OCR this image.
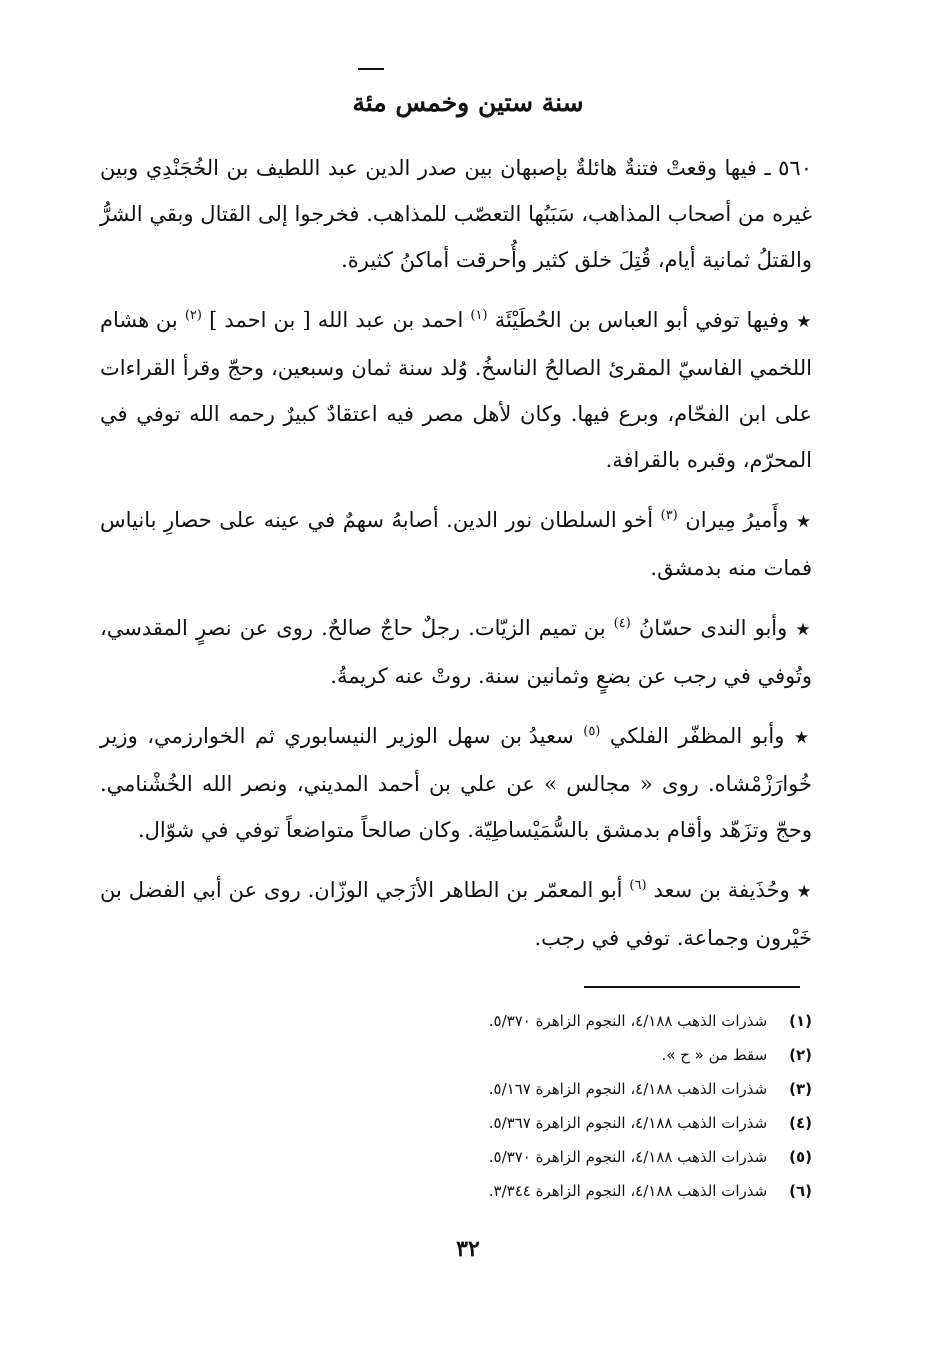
سنة ستين وخمس مئة

٥٦٠ ـ فيها وقعتْ فتنةٌ هائلةٌ بإصبهان بين صدر الدين عبد اللطيف بن الخُجَنْدِي وبين غيره من أصحاب المذاهب، سَبَبُها التعصّب للمذاهب. فخرجوا إلى القتال وبقي الشرُّ والقتلُ ثمانية أيام، قُتِلَ خلق كثير وأُحرقت أماكنُ كثيرة.

★ وفيها توفي أبو العباس بن الحُطَيْئَة $^{(١)}$ احمد بن عبد الله [ بن احمد ] $^{(٢)}$ بن هشام اللخمي الفاسيّ المقرئ الصالحُ الناسخُ. وُلد سنة ثمان وسبعين، وحجّ وقرأ القراءات على ابن الفحّام، وبرع فيها. وكان لأهل مصر فيه اعتقادٌ كبيرٌ رحمه الله توفي في المحرّم، وقبره بالقرافة.

★ وأَميرُ مِيران $^{(٣)}$ أخو السلطان نور الدين. أصابهُ سهمٌ في عينه على حصارِ بانياس فمات منه بدمشق.

★ وأبو الندى حسّانُ $^{(٤)}$ بن تميم الزيّات. رجلٌ حاجٌ صالحٌ. روى عن نصرٍ المقدسي، وتُوفي في رجب عن بضعٍ وثمانين سنة. روتْ عنه كريمةُ.

★ وأبو المظفّر الفلكي $^{(٥)}$ سعيدُ بن سهل الوزير النيسابوري ثم الخوارزمي، وزير خُوارَزْمْشاه. روى « مجالس » عن علي بن أحمد المديني، ونصر الله الخُشْنامي. وحجّ وتزَهّد وأقام بدمشق بالسُّمَيْساطِيّة. وكان صالحاً متواضعاً توفي في شوّال.

★ وحُذَيفة بن سعد $^{(٦)}$ أبو المعمّر بن الطاهر الأزَجي الوزّان. روى عن أبي الفضل بن خَيْرون وجماعة. توفي في رجب.

(١) شذرات الذهب ٤/١٨٨، النجوم الزاهرة ٥/٣٧٠.
(٢) سقط من « ح ».
(٣) شذرات الذهب ٤/١٨٨، النجوم الزاهرة ٥/١٦٧.
(٤) شذرات الذهب ٤/١٨٨، النجوم الزاهرة ٥/٣٦٧.
(٥) شذرات الذهب ٤/١٨٨، النجوم الزاهرة ٥/٣٧٠.
(٦) شذرات الذهب ٤/١٨٨، النجوم الزاهرة ٣/٣٤٤.
٣٢
